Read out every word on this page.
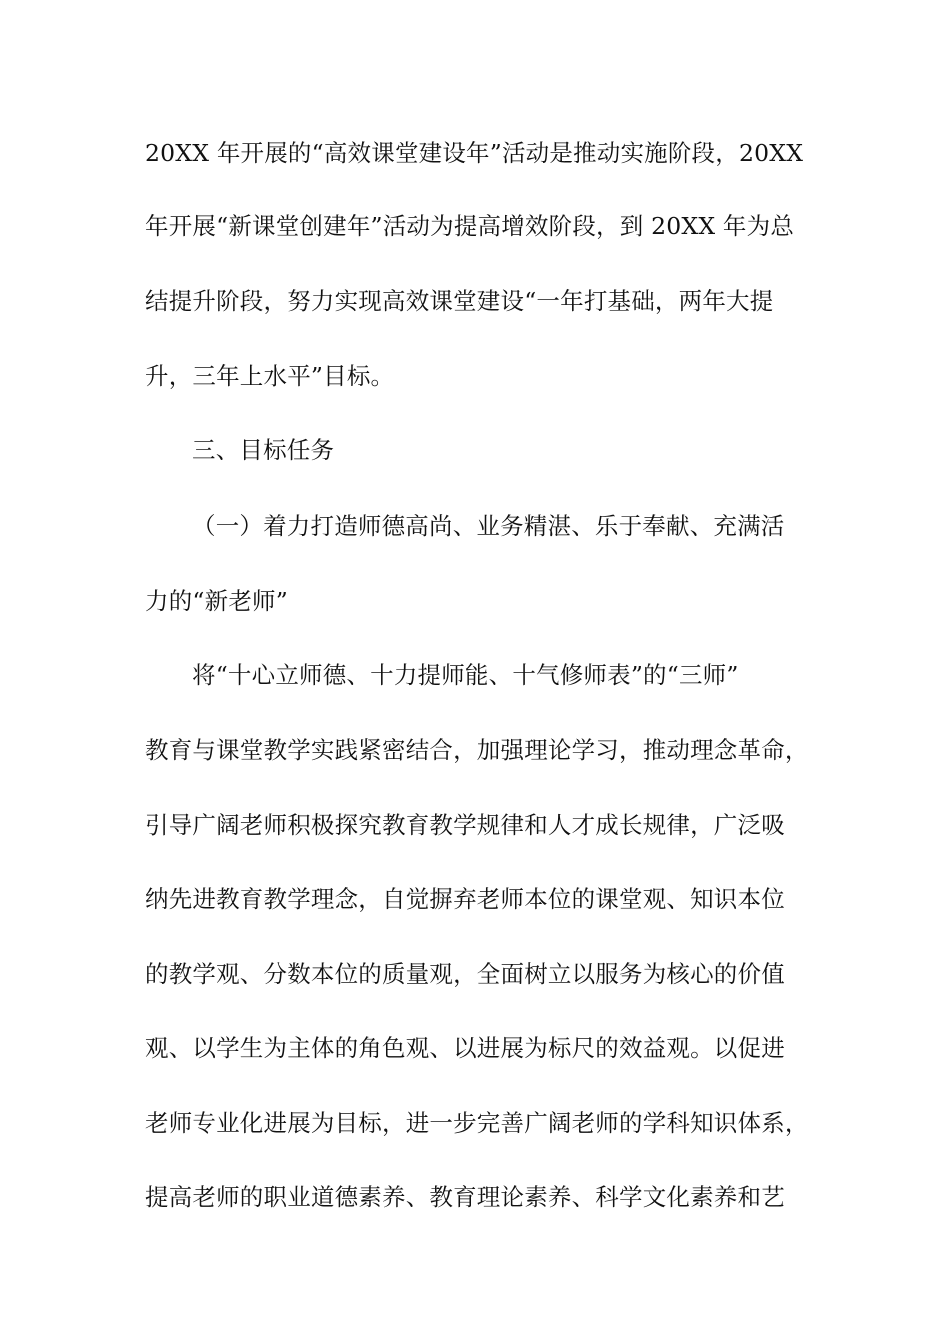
20XX 年开展的“高效课堂建设年”活动是推动实施阶段，20XX
年开展“新课堂创建年”活动为提高增效阶段，到 20XX 年为总
结提升阶段，努力实现高效课堂建设“一年打基础，两年大提
升，三年上水平”目标。
三、目标任务
（一）着力打造师德高尚、业务精湛、乐于奉献、充满活
力的“新老师”
将“十心立师德、十力提师能、十气修师表”的“三师”
教育与课堂教学实践紧密结合，加强理论学习，推动理念革命，
引导广阔老师积极探究教育教学规律和人才成长规律，广泛吸
纳先进教育教学理念，自觉摒弃老师本位的课堂观、知识本位
的教学观、分数本位的质量观，全面树立以服务为核心的价值
观、以学生为主体的角色观、以进展为标尺的效益观。以促进
老师专业化进展为目标，进一步完善广阔老师的学科知识体系，
提高老师的职业道德素养、教育理论素养、科学文化素养和艺
